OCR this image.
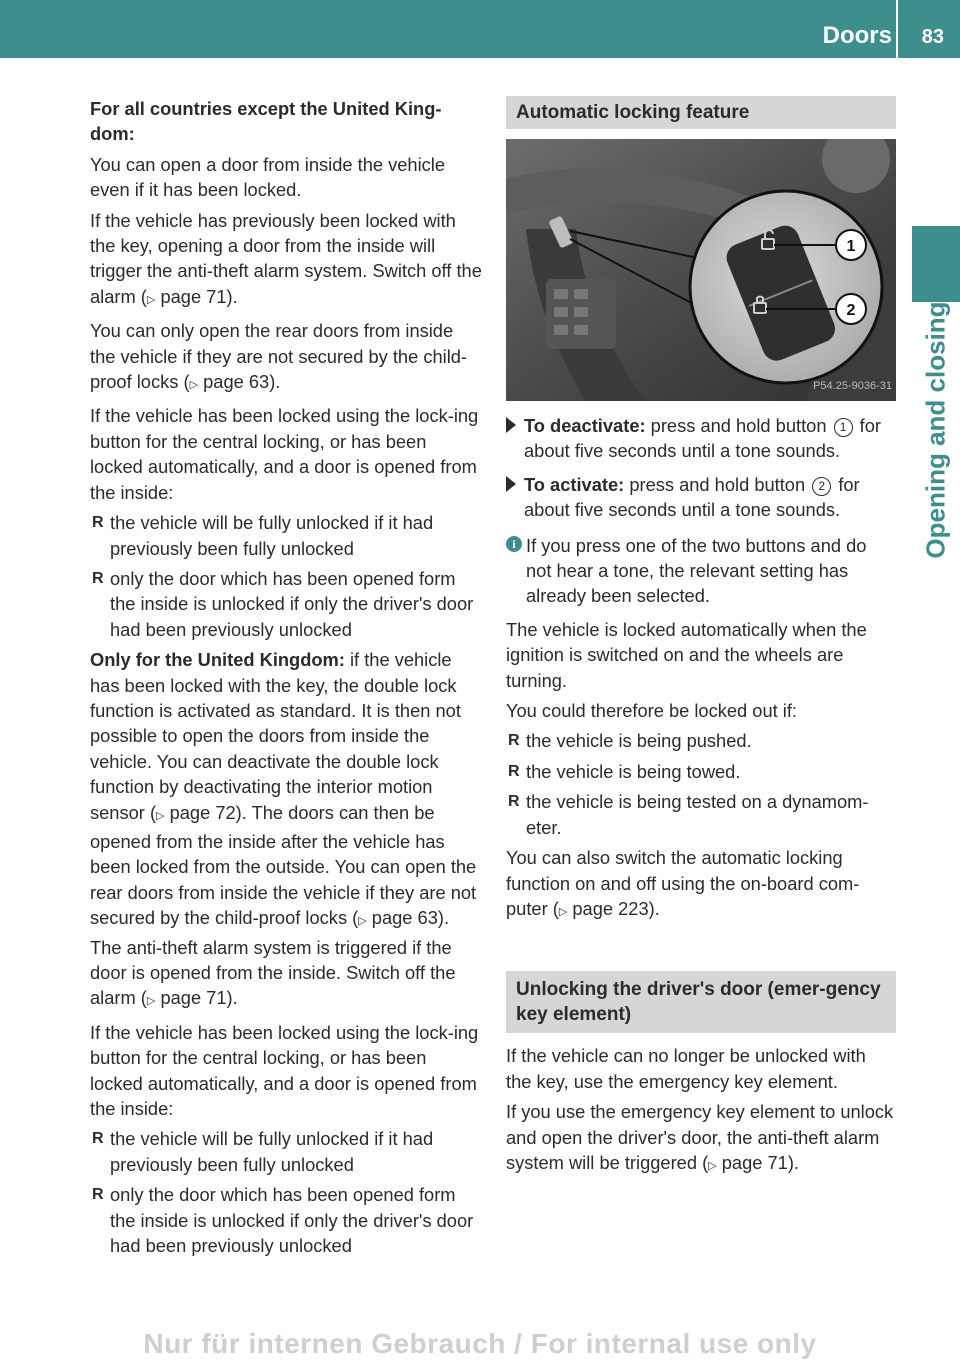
Doors 83
Opening and closing

For all countries except the United King-dom:

You can open a door from inside the vehicle even if it has been locked.

If the vehicle has previously been locked with the key, opening a door from the inside will trigger the anti-theft alarm system. Switch off the alarm (▷ page 71).

You can only open the rear doors from inside the vehicle if they are not secured by the child-proof locks (▷ page 63).

If the vehicle has been locked using the lock-ing button for the central locking, or has been locked automatically, and a door is opened from the inside:

R the vehicle will be fully unlocked if it had previously been fully unlocked
R only the door which has been opened form the inside is unlocked if only the driver's door had been previously unlocked

Only for the United Kingdom: if the vehicle has been locked with the key, the double lock function is activated as standard. It is then not possible to open the doors from inside the vehicle. You can deactivate the double lock function by deactivating the interior motion sensor (▷ page 72). The doors can then be opened from the inside after the vehicle has been locked from the outside. You can open the rear doors from inside the vehicle if they are not secured by the child-proof locks (▷ page 63). The anti-theft alarm system is triggered if the door is opened from the inside. Switch off the alarm (▷ page 71).

If the vehicle has been locked using the lock-ing button for the central locking, or has been locked automatically, and a door is opened from the inside:

R the vehicle will be fully unlocked if it had previously been fully unlocked
R only the door which has been opened form the inside is unlocked if only the driver's door had been previously unlocked
Automatic locking feature
1
2
P54.25-9036-31
To deactivate: press and hold button 1 for about five seconds until a tone sounds.
To activate: press and hold button 2 for about five seconds until a tone sounds.
i If you press one of the two buttons and do not hear a tone, the relevant setting has already been selected.

The vehicle is locked automatically when the ignition is switched on and the wheels are turning.

You could therefore be locked out if:

R the vehicle is being pushed.
R the vehicle is being towed.
R the vehicle is being tested on a dynamom-eter.

You can also switch the automatic locking function on and off using the on-board com-puter (▷ page 223).

Unlocking the driver's door (emer-gency key element)

If the vehicle can no longer be unlocked with the key, use the emergency key element.

If you use the emergency key element to unlock and open the driver's door, the anti-theft alarm system will be triggered (▷ page 71).

Nur für internen Gebrauch / For internal use only
